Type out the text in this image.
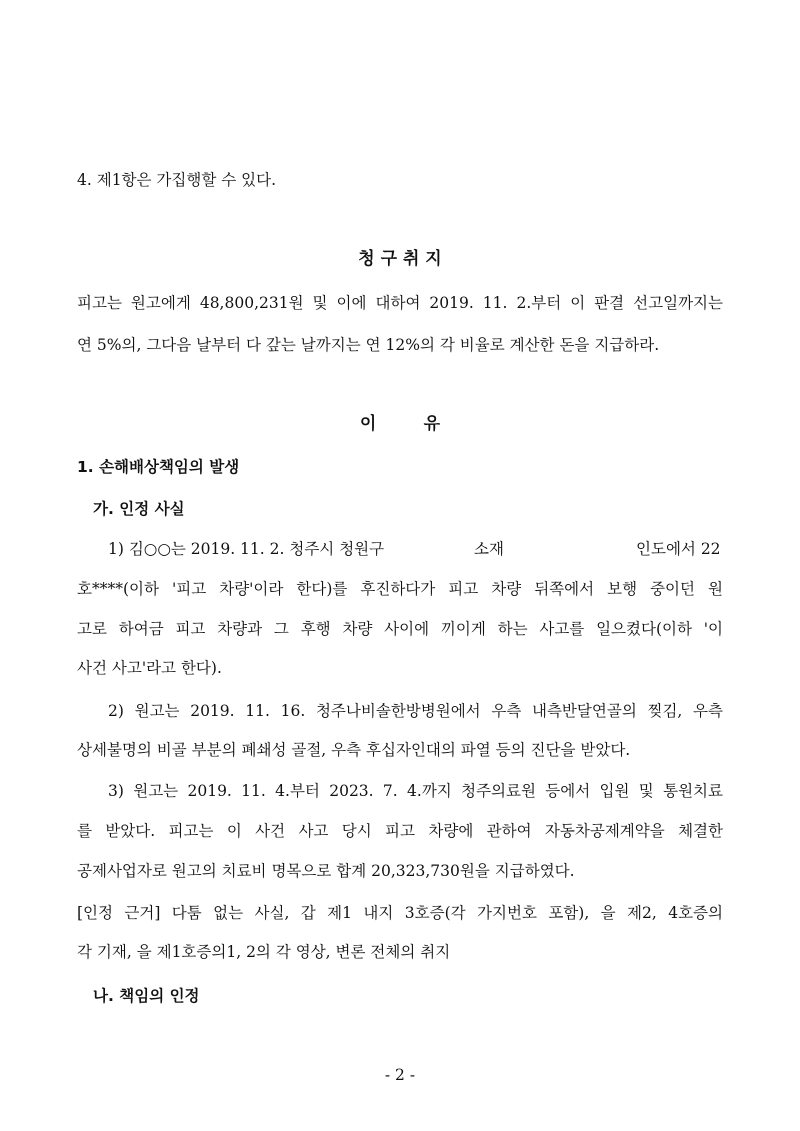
4. 제1항은 가집행할 수 있다.
청 구 취 지
피고는 원고에게 48,800,231원 및 이에 대하여 2019. 11. 2.부터 이 판결 선고일까지는
연 5%의, 그다음 날부터 다 갚는 날까지는 연 12%의 각 비율로 계산한 돈을 지급하라.
이        유
1. 손해배상책임의 발생
가. 인정 사실
1) 김○○는 2019. 11. 2. 청주시 청원구	소재	인도에서 22
호****(이하 '피고 차량'이라 한다)를 후진하다가 피고 차량 뒤쪽에서 보행 중이던 원
고로 하여금 피고 차량과 그 후행 차량 사이에 끼이게 하는 사고를 일으켰다(이하 '이
사건 사고'라고 한다).
2) 원고는 2019. 11. 16. 청주나비솔한방병원에서 우측 내측반달연골의 찢김, 우측
상세불명의 비골 부분의 폐쇄성 골절, 우측 후십자인대의 파열 등의 진단을 받았다.
3) 원고는 2019. 11. 4.부터 2023. 7. 4.까지 청주의료원 등에서 입원 및 통원치료
를 받았다. 피고는 이 사건 사고 당시 피고 차량에 관하여 자동차공제계약을 체결한
공제사업자로 원고의 치료비 명목으로 합계 20,323,730원을 지급하였다.
[인정 근거] 다툼 없는 사실, 갑 제1 내지 3호증(각 가지번호 포함), 을 제2, 4호증의
각 기재, 을 제1호증의1, 2의 각 영상, 변론 전체의 취지
나. 책임의 인정
- 2 -
